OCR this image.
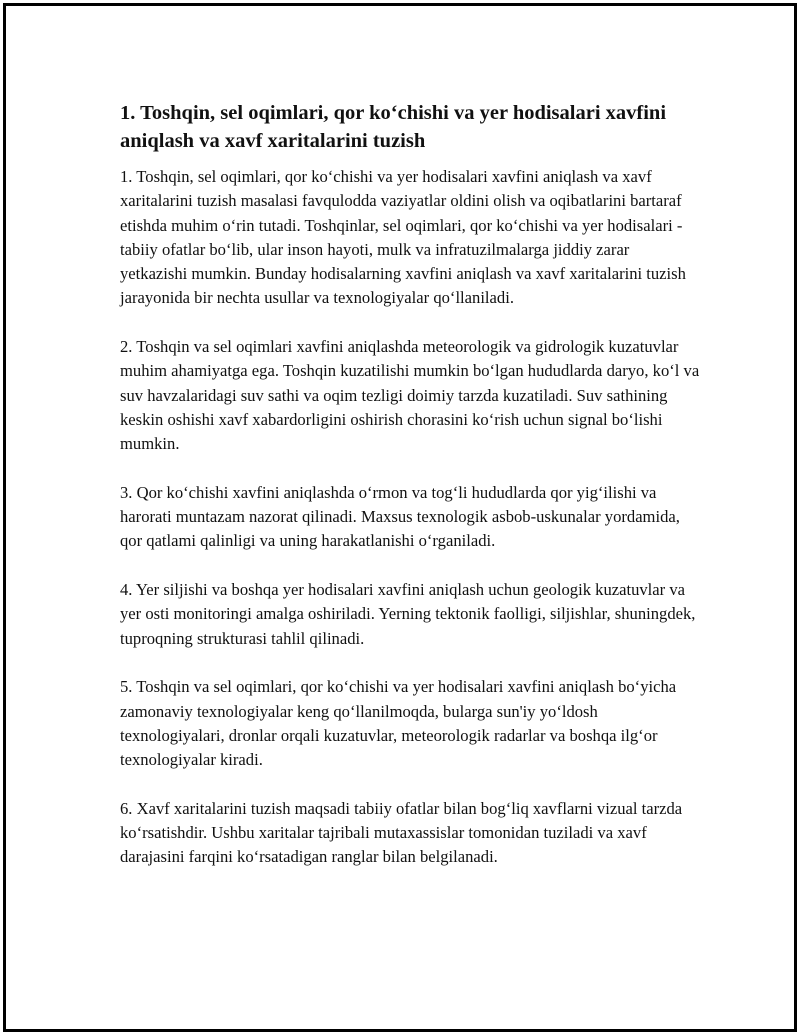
1. Toshqin, sel oqimlari, qor ko‘chishi va yer hodisalari xavfini aniqlash va xavf xaritalarini tuzish

1. Toshqin, sel oqimlari, qor ko‘chishi va yer hodisalari xavfini aniqlash va xavf xaritalarini tuzish masalasi favqulodda vaziyatlar oldini olish va oqibatlarini bartaraf etishda muhim o‘rin tutadi. Toshqinlar, sel oqimlari, qor ko‘chishi va yer hodisalari - tabiiy ofatlar bo‘lib, ular inson hayoti, mulk va infratuzilmalarga jiddiy zarar yetkazishi mumkin. Bunday hodisalarning xavfini aniqlash va xavf xaritalarini tuzish jarayonida bir nechta usullar va texnologiyalar qo‘llaniladi.

2. Toshqin va sel oqimlari xavfini aniqlashda meteorologik va gidrologik kuzatuvlar muhim ahamiyatga ega. Toshqin kuzatilishi mumkin bo‘lgan hududlarda daryo, ko‘l va suv havzalaridagi suv sathi va oqim tezligi doimiy tarzda kuzatiladi. Suv sathining keskin oshishi xavf xabardorligini oshirish chorasini ko‘rish uchun signal bo‘lishi mumkin.

3. Qor ko‘chishi xavfini aniqlashda o‘rmon va tog‘li hududlarda qor yig‘ilishi va harorati muntazam nazorat qilinadi. Maxsus texnologik asbob-uskunalar yordamida, qor qatlami qalinligi va uning harakatlanishi o‘rganiladi.

4. Yer siljishi va boshqa yer hodisalari xavfini aniqlash uchun geologik kuzatuvlar va yer osti monitoringi amalga oshiriladi. Yerning tektonik faolligi, siljishlar, shuningdek, tuproqning strukturasi tahlil qilinadi.

5. Toshqin va sel oqimlari, qor ko‘chishi va yer hodisalari xavfini aniqlash bo‘yicha zamonaviy texnologiyalar keng qo‘llanilmoqda, bularga sun'iy yo‘ldosh texnologiyalari, dronlar orqali kuzatuvlar, meteorologik radarlar va boshqa ilg‘or texnologiyalar kiradi.

6. Xavf xaritalarini tuzish maqsadi tabiiy ofatlar bilan bog‘liq xavflarni vizual tarzda ko‘rsatishdir. Ushbu xaritalar tajribali mutaxassislar tomonidan tuziladi va xavf darajasini farqini ko‘rsatadigan ranglar bilan belgilanadi.
